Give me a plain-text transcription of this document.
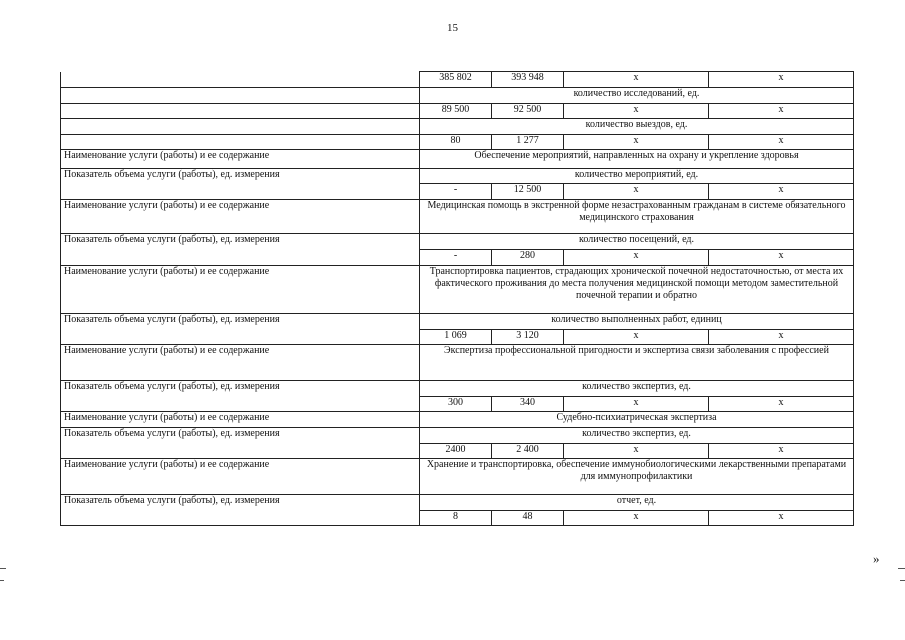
15
	385 802	393 948	х	х
	количество исследований, ед.			
	89 500	92 500	х	х
	количество выездов, ед.			
	80	1 277	х	х
Наименование услуги (работы) и ее содержание	Обеспечение мероприятий, направленных на охрану и укрепление здоровья			
Показатель объема услуги (работы), ед. измерения	количество мероприятий, ед.			
	-	12 500	х	х
Наименование услуги (работы) и ее содержание	Медицинская помощь в экстренной форме незастрахованным гражданам в системе обязательного медицинского страхования			
Показатель объема услуги (работы), ед. измерения	количество посещений, ед.			
	-	280	х	х
Наименование услуги (работы) и ее содержание	Транспортировка пациентов, страдающих хронической почечной недостаточностью, от места их фактического проживания до места получения медицинской помощи методом заместительной почечной терапии и обратно			
Показатель объема услуги (работы), ед. измерения	количество выполненных работ, единиц			
	1 069	3 120	х	х
Наименование услуги (работы) и ее содержание	Экспертиза профессиональной пригодности и экспертиза связи заболевания с профессией			
Показатель объема услуги (работы), ед. измерения	количество экспертиз, ед.			
	300	340	х	х
Наименование услуги (работы) и ее содержание	Судебно-психиатрическая экспертиза			
Показатель объема услуги (работы), ед. измерения	количество экспертиз, ед.			
	2400	2 400	х	х
Наименование услуги (работы) и ее содержание	Хранение и транспортировка, обеспечение иммунобиологическими лекарственными препаратами для иммунопрофилактики			
Показатель объема услуги (работы), ед. измерения	отчет, ед.			
	8	48	х	х
»
